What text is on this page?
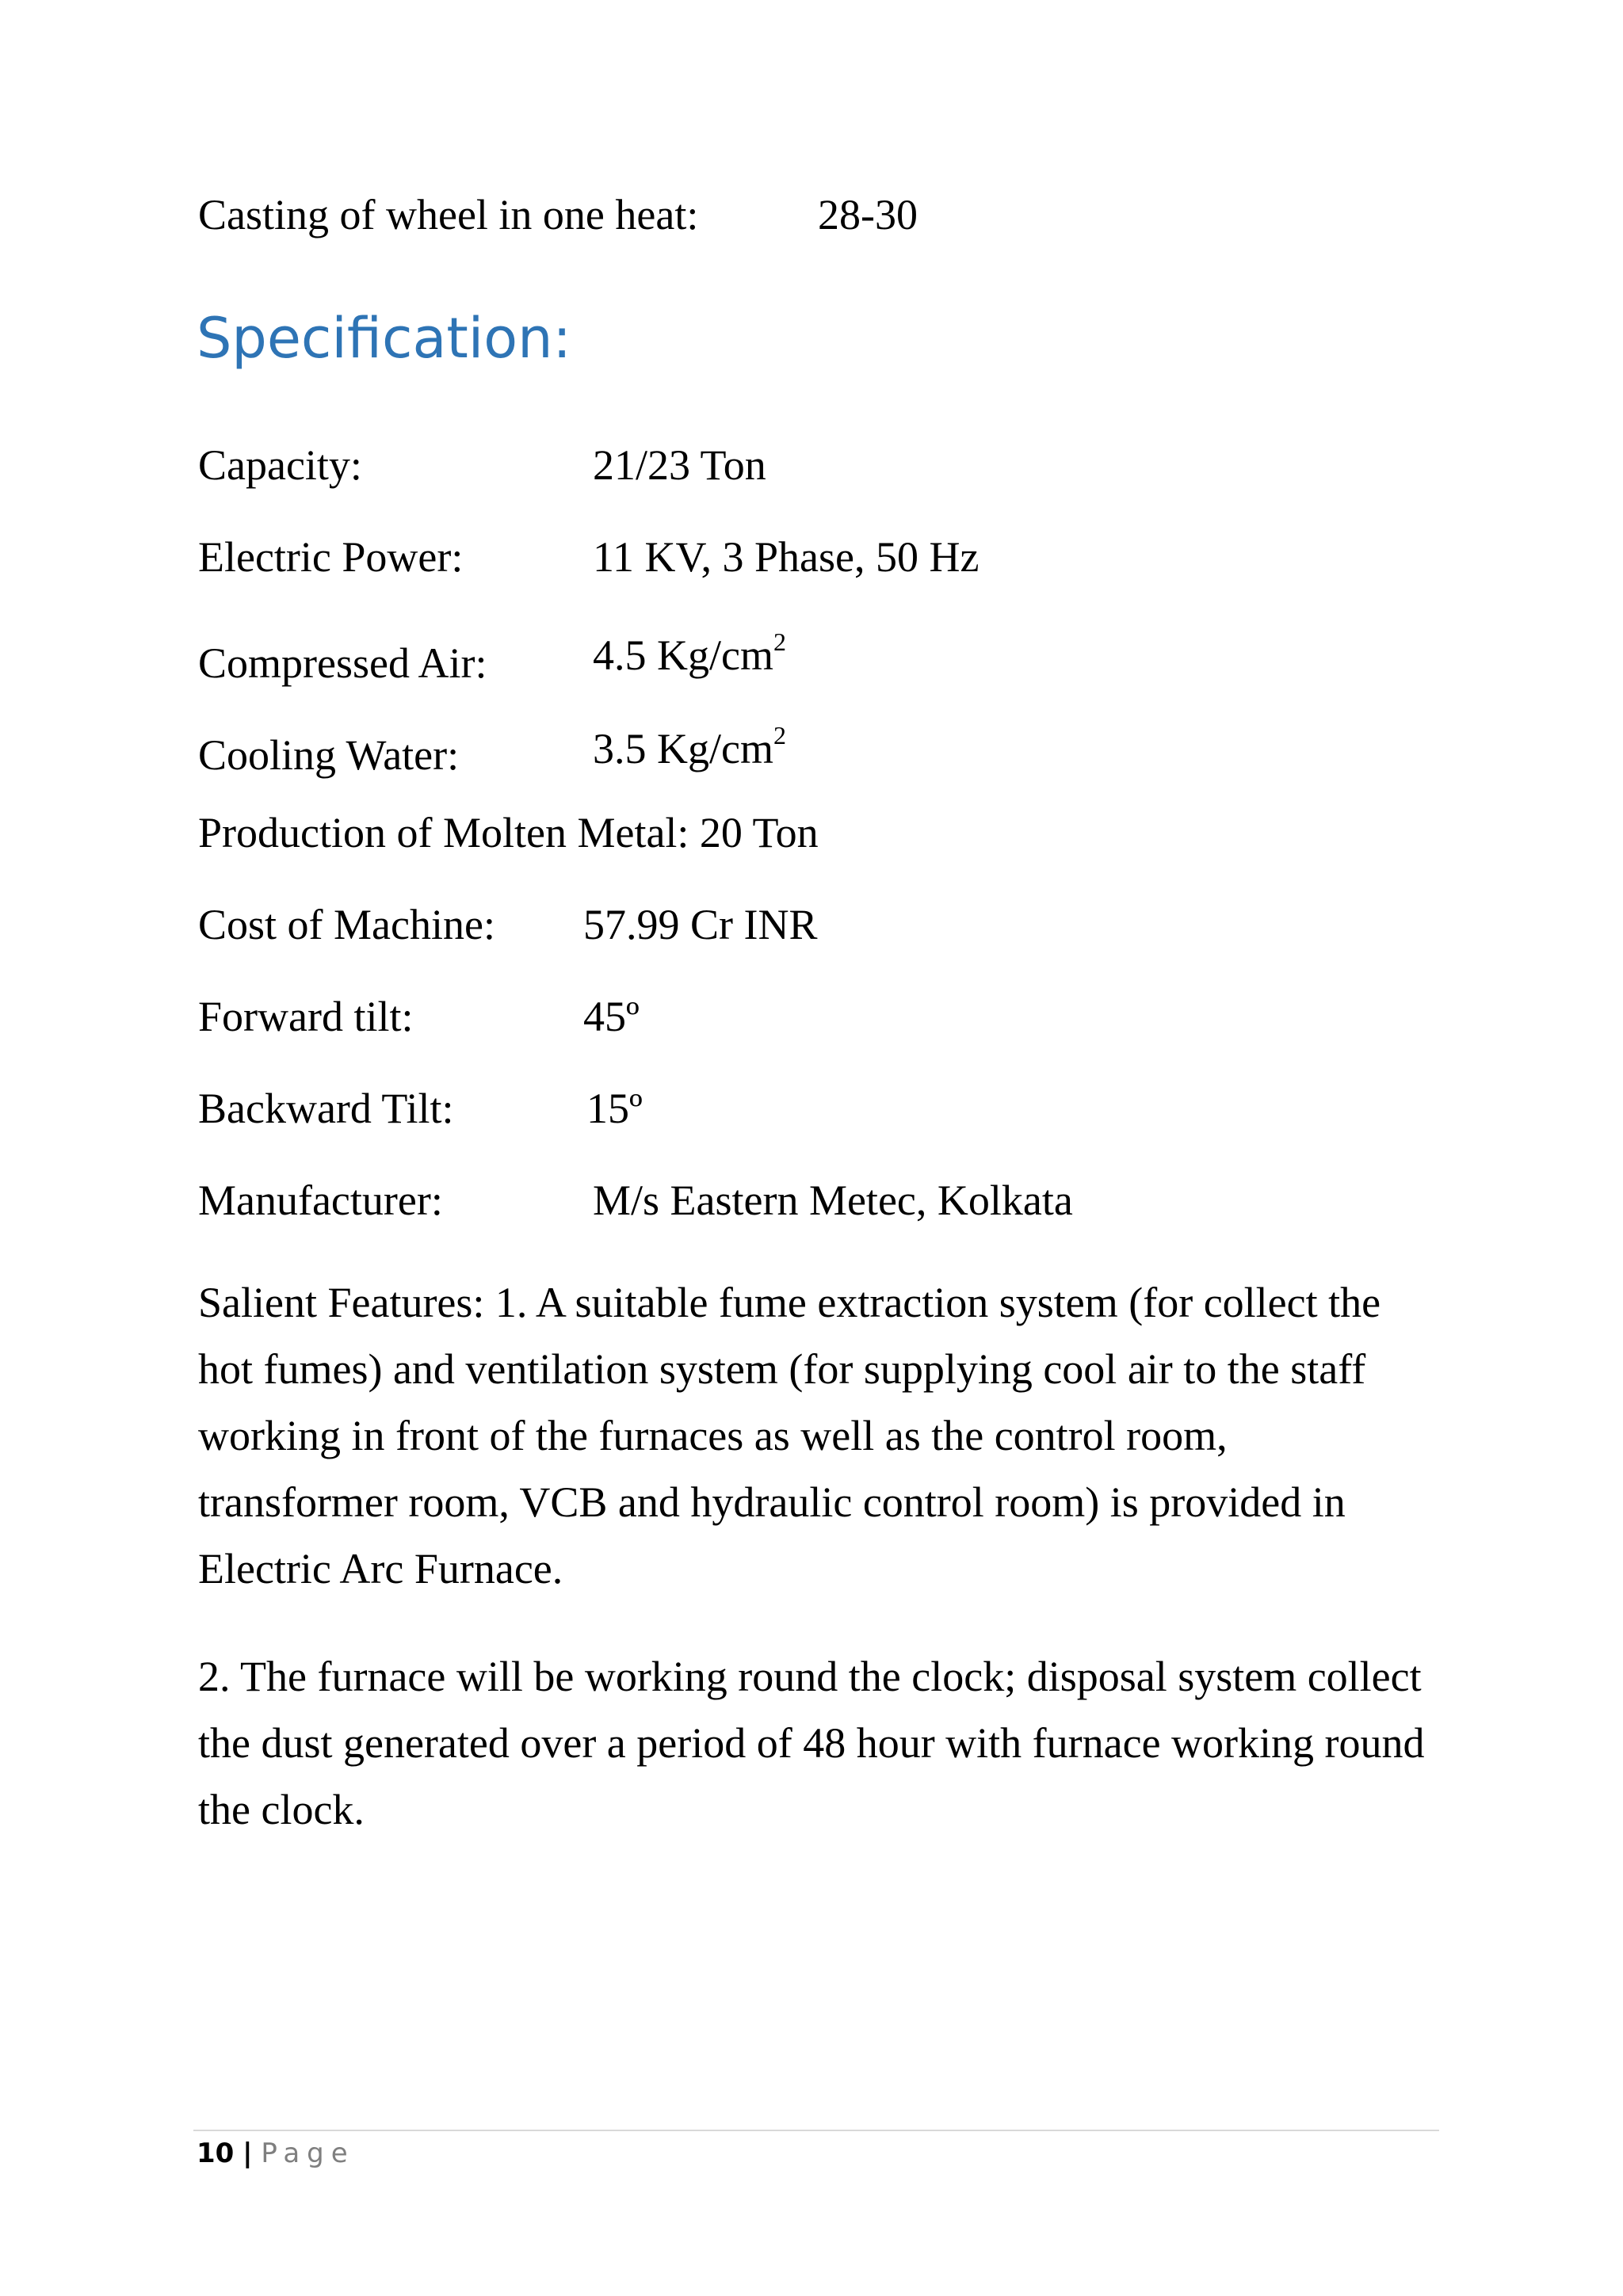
Casting of wheel in one heat:	28-30
Specification:
Capacity:	21/23 Ton
Electric Power:	11 KV, 3 Phase, 50 Hz
Compressed Air: 4.5 $Kg/cm^2$
Cooling Water:	3.5 $Kg/cm^2$
Production of Molten Metal: 20 Ton
Cost of Machine: 57.99 Cr INR
Forward tilt:	45º
Backward Tilt:	15º
Manufacturer:	M/s Eastern Metec, Kolkata
Salient Features: 1. A suitable fume extraction system (for collect the hot fumes) and ventilation system (for supplying cool air to the staff working in front of the furnaces as well as the control room, transformer room, VCB and hydraulic control room) is provided in Electric Arc Furnace.
2. The furnace will be working round the clock; disposal system collect the dust generated over a period of 48 hour with furnace working round the clock.
10 | Page
